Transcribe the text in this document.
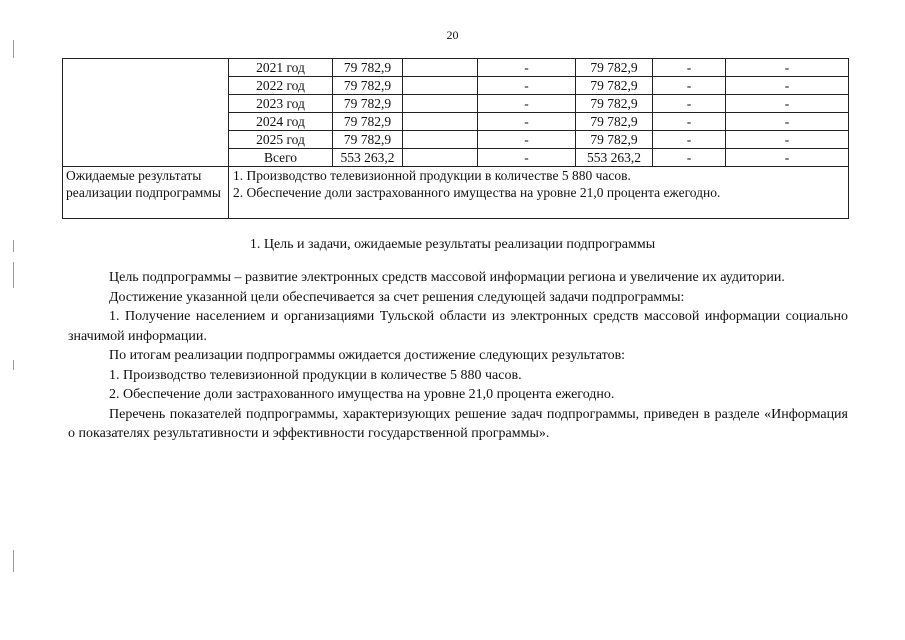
20
	2021 год	79 782,9		-	79 782,9	-	-
	2022 год	79 782,9		-	79 782,9	-	-
	2023 год	79 782,9		-	79 782,9	-	-
	2024 год	79 782,9		-	79 782,9	-	-
	2025 год	79 782,9		-	79 782,9	-	-
	Всего	553 263,2		-	553 263,2	-	-
Ожидаемые результаты реализации подпрограммы	1. Производство телевизионной продукции в количестве 5 880 часов.
2. Обеспечение доли застрахованного имущества на уровне 21,0 процента ежегодно.						
1. Цель и задачи, ожидаемые результаты реализации подпрограммы

Цель подпрограммы – развитие электронных средств массовой информации региона и увеличение их аудитории.

Достижение указанной цели обеспечивается за счет решения следующей задачи подпрограммы:

1. Получение населением и организациями Тульской области из электронных средств массовой информации социально значимой информации.

По итогам реализации подпрограммы ожидается достижение следующих результатов:

1. Производство телевизионной продукции в количестве 5 880 часов.

2. Обеспечение доли застрахованного имущества на уровне 21,0 процента ежегодно.

Перечень показателей подпрограммы, характеризующих решение задач подпрограммы, приведен в разделе «Информация о показателях результативности и эффективности государственной программы».
